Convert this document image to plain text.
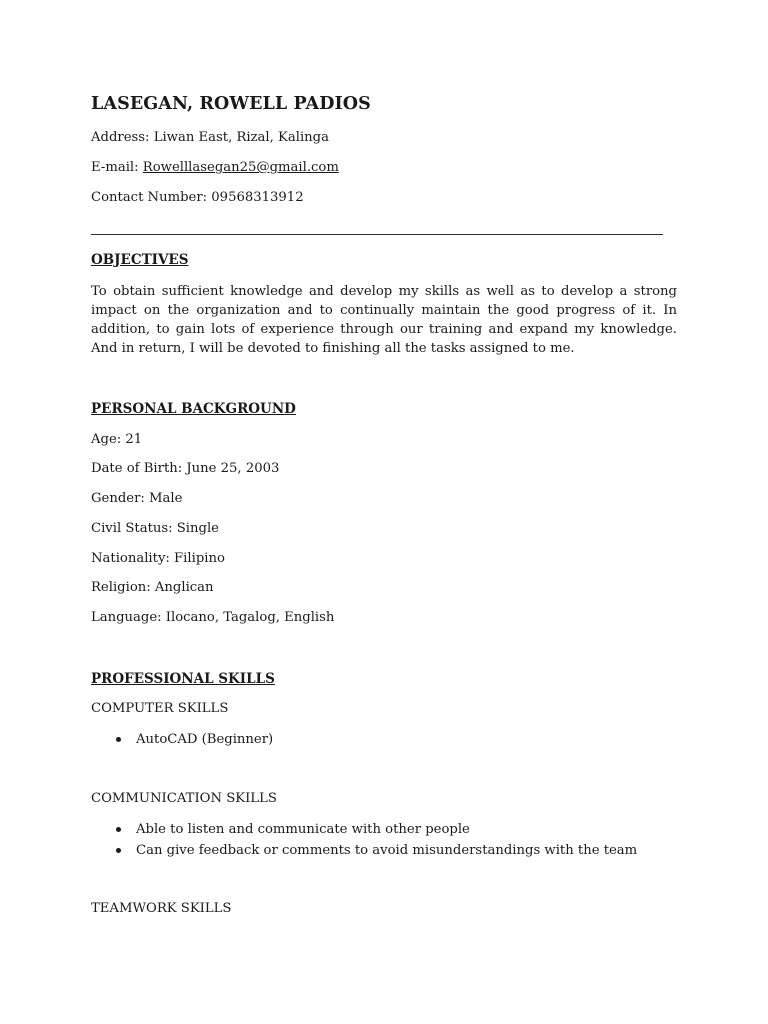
LASEGAN, ROWELL PADIOS
Address: Liwan East, Rizal, Kalinga
E-mail: Rowelllasegan25@gmail.com
Contact Number: 09568313912
OBJECTIVES
To obtain sufficient knowledge and develop my skills as well as to develop a strong impact on the organization and to continually maintain the good progress of it. In addition, to gain lots of experience through our training and expand my knowledge. And in return, I will be devoted to finishing all the tasks assigned to me.
PERSONAL BACKGROUND
Age: 21
Date of Birth: June 25, 2003
Gender: Male
Civil Status: Single
Nationality: Filipino
Religion: Anglican
Language: Ilocano, Tagalog, English
PROFESSIONAL SKILLS
COMPUTER SKILLS
AutoCAD (Beginner)
COMMUNICATION SKILLS
Able to listen and communicate with other people
Can give feedback or comments to avoid misunderstandings with the team
TEAMWORK SKILLS
